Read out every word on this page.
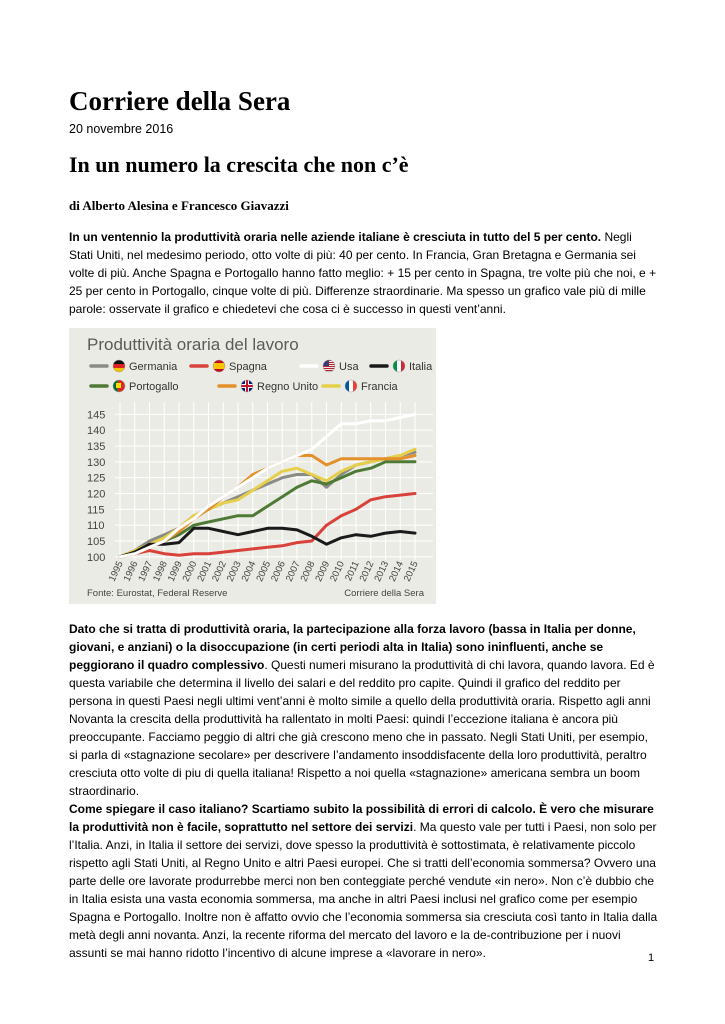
Corriere della Sera
20 novembre 2016
In un numero la crescita che non c’è
di Alberto Alesina e Francesco Giavazzi

In un ventennio la produttività oraria nelle aziende italiane è cresciuta in tutto del 5 per cento. Negli Stati Uniti, nel medesimo periodo, otto volte di più: 40 per cento. In Francia, Gran Bretagna e Germania sei volte di più. Anche Spagna e Portogallo hanno fatto meglio: + 15 per cento in Spagna, tre volte più che noi, e + 25 per cento in Portogallo, cinque volte di più. Differenze straordinarie. Ma spesso un grafico vale più di mille parole: osservate il grafico e chiedetevi che cosa ci è successo in questi vent’anni.

Produttività oraria del lavoro
Germania	Spagna	Usa	Italia
Portogallo	Regno Unito	Francia
100
105
110
115
120
125
130
135
140
145
1995
1996
1997
1998
1999
2000
2001
2002
2003
2004
2005
2006
2007
2008
2009
2010
2011
2012
2013
2014
2015
Fonte: Eurostat, Federal Reserve	Corriere della Sera

Dato che si tratta di produttività oraria, la partecipazione alla forza lavoro (bassa in Italia per donne, giovani, e anziani) o la disoccupazione (in certi periodi alta in Italia) sono ininfluenti, anche se peggiorano il quadro complessivo. Questi numeri misurano la produttività di chi lavora, quando lavora. Ed è questa variabile che determina il livello dei salari e del reddito pro capite. Quindi il grafico del reddito per persona in questi Paesi negli ultimi vent’anni è molto simile a quello della produttività oraria. Rispetto agli anni Novanta la crescita della produttività ha rallentato in molti Paesi: quindi l’eccezione italiana è ancora più preoccupante. Facciamo peggio di altri che già crescono meno che in passato. Negli Stati Uniti, per esempio, si parla di «stagnazione secolare» per descrivere l’andamento insoddisfacente della loro produttività, peraltro cresciuta otto volte di piu di quella italiana! Rispetto a noi quella «stagnazione» americana sembra un boom straordinario.

Come spiegare il caso italiano? Scartiamo subito la possibilità di errori di calcolo. È vero che misurare la produttività non è facile, soprattutto nel settore dei servizi. Ma questo vale per tutti i Paesi, non solo per l’Italia. Anzi, in Italia il settore dei servizi, dove spesso la produttività è sottostimata, è relativamente piccolo rispetto agli Stati Uniti, al Regno Unito e altri Paesi europei. Che si tratti dell’economia sommersa? Ovvero una parte delle ore lavorate produrrebbe merci non ben conteggiate perché vendute «in nero». Non c’è dubbio che in Italia esista una vasta economia sommersa, ma anche in altri Paesi inclusi nel grafico come per esempio Spagna e Portogallo. Inoltre non è affatto ovvio che l’economia sommersa sia cresciuta così tanto in Italia dalla metà degli anni novanta. Anzi, la recente riforma del mercato del lavoro e la de-contribuzione per i nuovi assunti se mai hanno ridotto l’incentivo di alcune imprese a «lavorare in nero».	1
